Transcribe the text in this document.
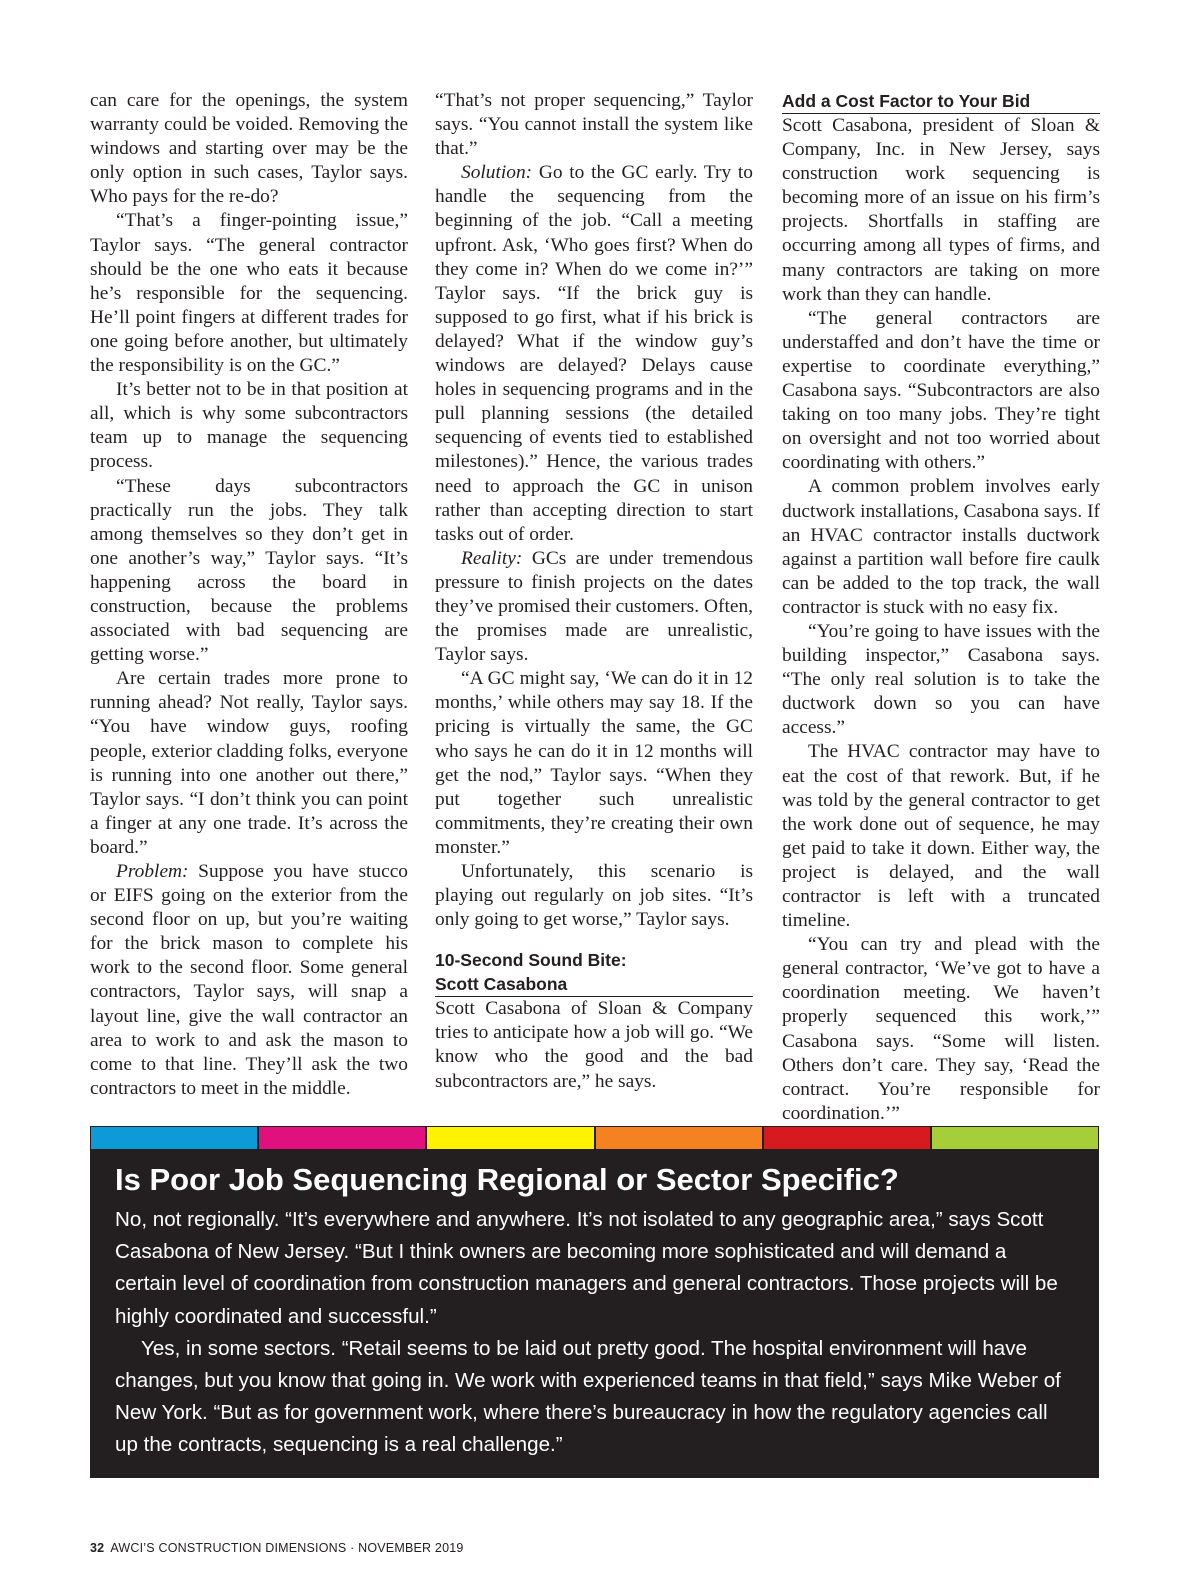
can care for the openings, the system warranty could be voided. Removing the windows and starting over may be the only option in such cases, Taylor says. Who pays for the re-do?

“That’s a finger-pointing issue,” Taylor says. “The general contractor should be the one who eats it because he’s responsible for the sequencing. He’ll point fingers at different trades for one going before another, but ultimately the responsibility is on the GC.”

It’s better not to be in that position at all, which is why some subcontractors team up to manage the sequencing process.

“These days subcontractors practically run the jobs. They talk among themselves so they don’t get in one another’s way,” Taylor says. “It’s happening across the board in construction, because the problems associated with bad sequencing are getting worse.”

Are certain trades more prone to running ahead? Not really, Taylor says. “You have window guys, roofing people, exterior cladding folks, everyone is running into one another out there,” Taylor says. “I don’t think you can point a finger at any one trade. It’s across the board.”

Problem: Suppose you have stucco or EIFS going on the exterior from the second floor on up, but you’re waiting for the brick mason to complete his work to the second floor. Some general contractors, Taylor says, will snap a layout line, give the wall contractor an area to work to and ask the mason to come to that line. They’ll ask the two contractors to meet in the middle.

“That’s not proper sequencing,” Taylor says. “You cannot install the system like that.”

Solution: Go to the GC early. Try to handle the sequencing from the beginning of the job. “Call a meeting upfront. Ask, ‘Who goes first? When do they come in? When do we come in?’” Taylor says. “If the brick guy is supposed to go first, what if his brick is delayed? What if the window guy’s windows are delayed? Delays cause holes in sequencing programs and in the pull planning sessions (the detailed sequencing of events tied to established milestones).” Hence, the various trades need to approach the GC in unison rather than accepting direction to start tasks out of order.

Reality: GCs are under tremendous pressure to finish projects on the dates they’ve promised their customers. Often, the promises made are unrealistic, Taylor says.

“A GC might say, ‘We can do it in 12 months,’ while others may say 18. If the pricing is virtually the same, the GC who says he can do it in 12 months will get the nod,” Taylor says. “When they put together such unrealistic commitments, they’re creating their own monster.”

Unfortunately, this scenario is playing out regularly on job sites. “It’s only going to get worse,” Taylor says.

10-Second Sound Bite:
Scott Casabona

Scott Casabona of Sloan & Company tries to anticipate how a job will go. “We know who the good and the bad subcontractors are,” he says.

Add a Cost Factor to Your Bid

Scott Casabona, president of Sloan & Company, Inc. in New Jersey, says construction work sequencing is becoming more of an issue on his firm’s projects. Shortfalls in staffing are occurring among all types of firms, and many contractors are taking on more work than they can handle.

“The general contractors are understaffed and don’t have the time or expertise to coordinate everything,” Casabona says. “Subcontractors are also taking on too many jobs. They’re tight on oversight and not too worried about coordinating with others.”

A common problem involves early ductwork installations, Casabona says. If an HVAC contractor installs ductwork against a partition wall before fire caulk can be added to the top track, the wall contractor is stuck with no easy fix.

“You’re going to have issues with the building inspector,” Casabona says. “The only real solution is to take the ductwork down so you can have access.”

The HVAC contractor may have to eat the cost of that rework. But, if he was told by the general contractor to get the work done out of sequence, he may get paid to take it down. Either way, the project is delayed, and the wall contractor is left with a truncated timeline.

“You can try and plead with the general contractor, ‘We’ve got to have a coordination meeting. We haven’t properly sequenced this work,’” Casabona says. “Some will listen. Others don’t care. They say, ‘Read the contract. You’re responsible for coordination.’”

Is Poor Job Sequencing Regional or Sector Specific?

No, not regionally. “It’s everywhere and anywhere. It’s not isolated to any geographic area,” says Scott Casabona of New Jersey. “But I think owners are becoming more sophisticated and will demand a certain level of coordination from construction managers and general contractors. Those projects will be highly coordinated and successful.”

Yes, in some sectors. “Retail seems to be laid out pretty good. The hospital environment will have changes, but you know that going in. We work with experienced teams in that field,” says Mike Weber of New York. “But as for government work, where there’s bureaucracy in how the regulatory agencies call up the contracts, sequencing is a real challenge.”

32 AWCI’S CONSTRUCTION DIMENSIONS · NOVEMBER 2019
